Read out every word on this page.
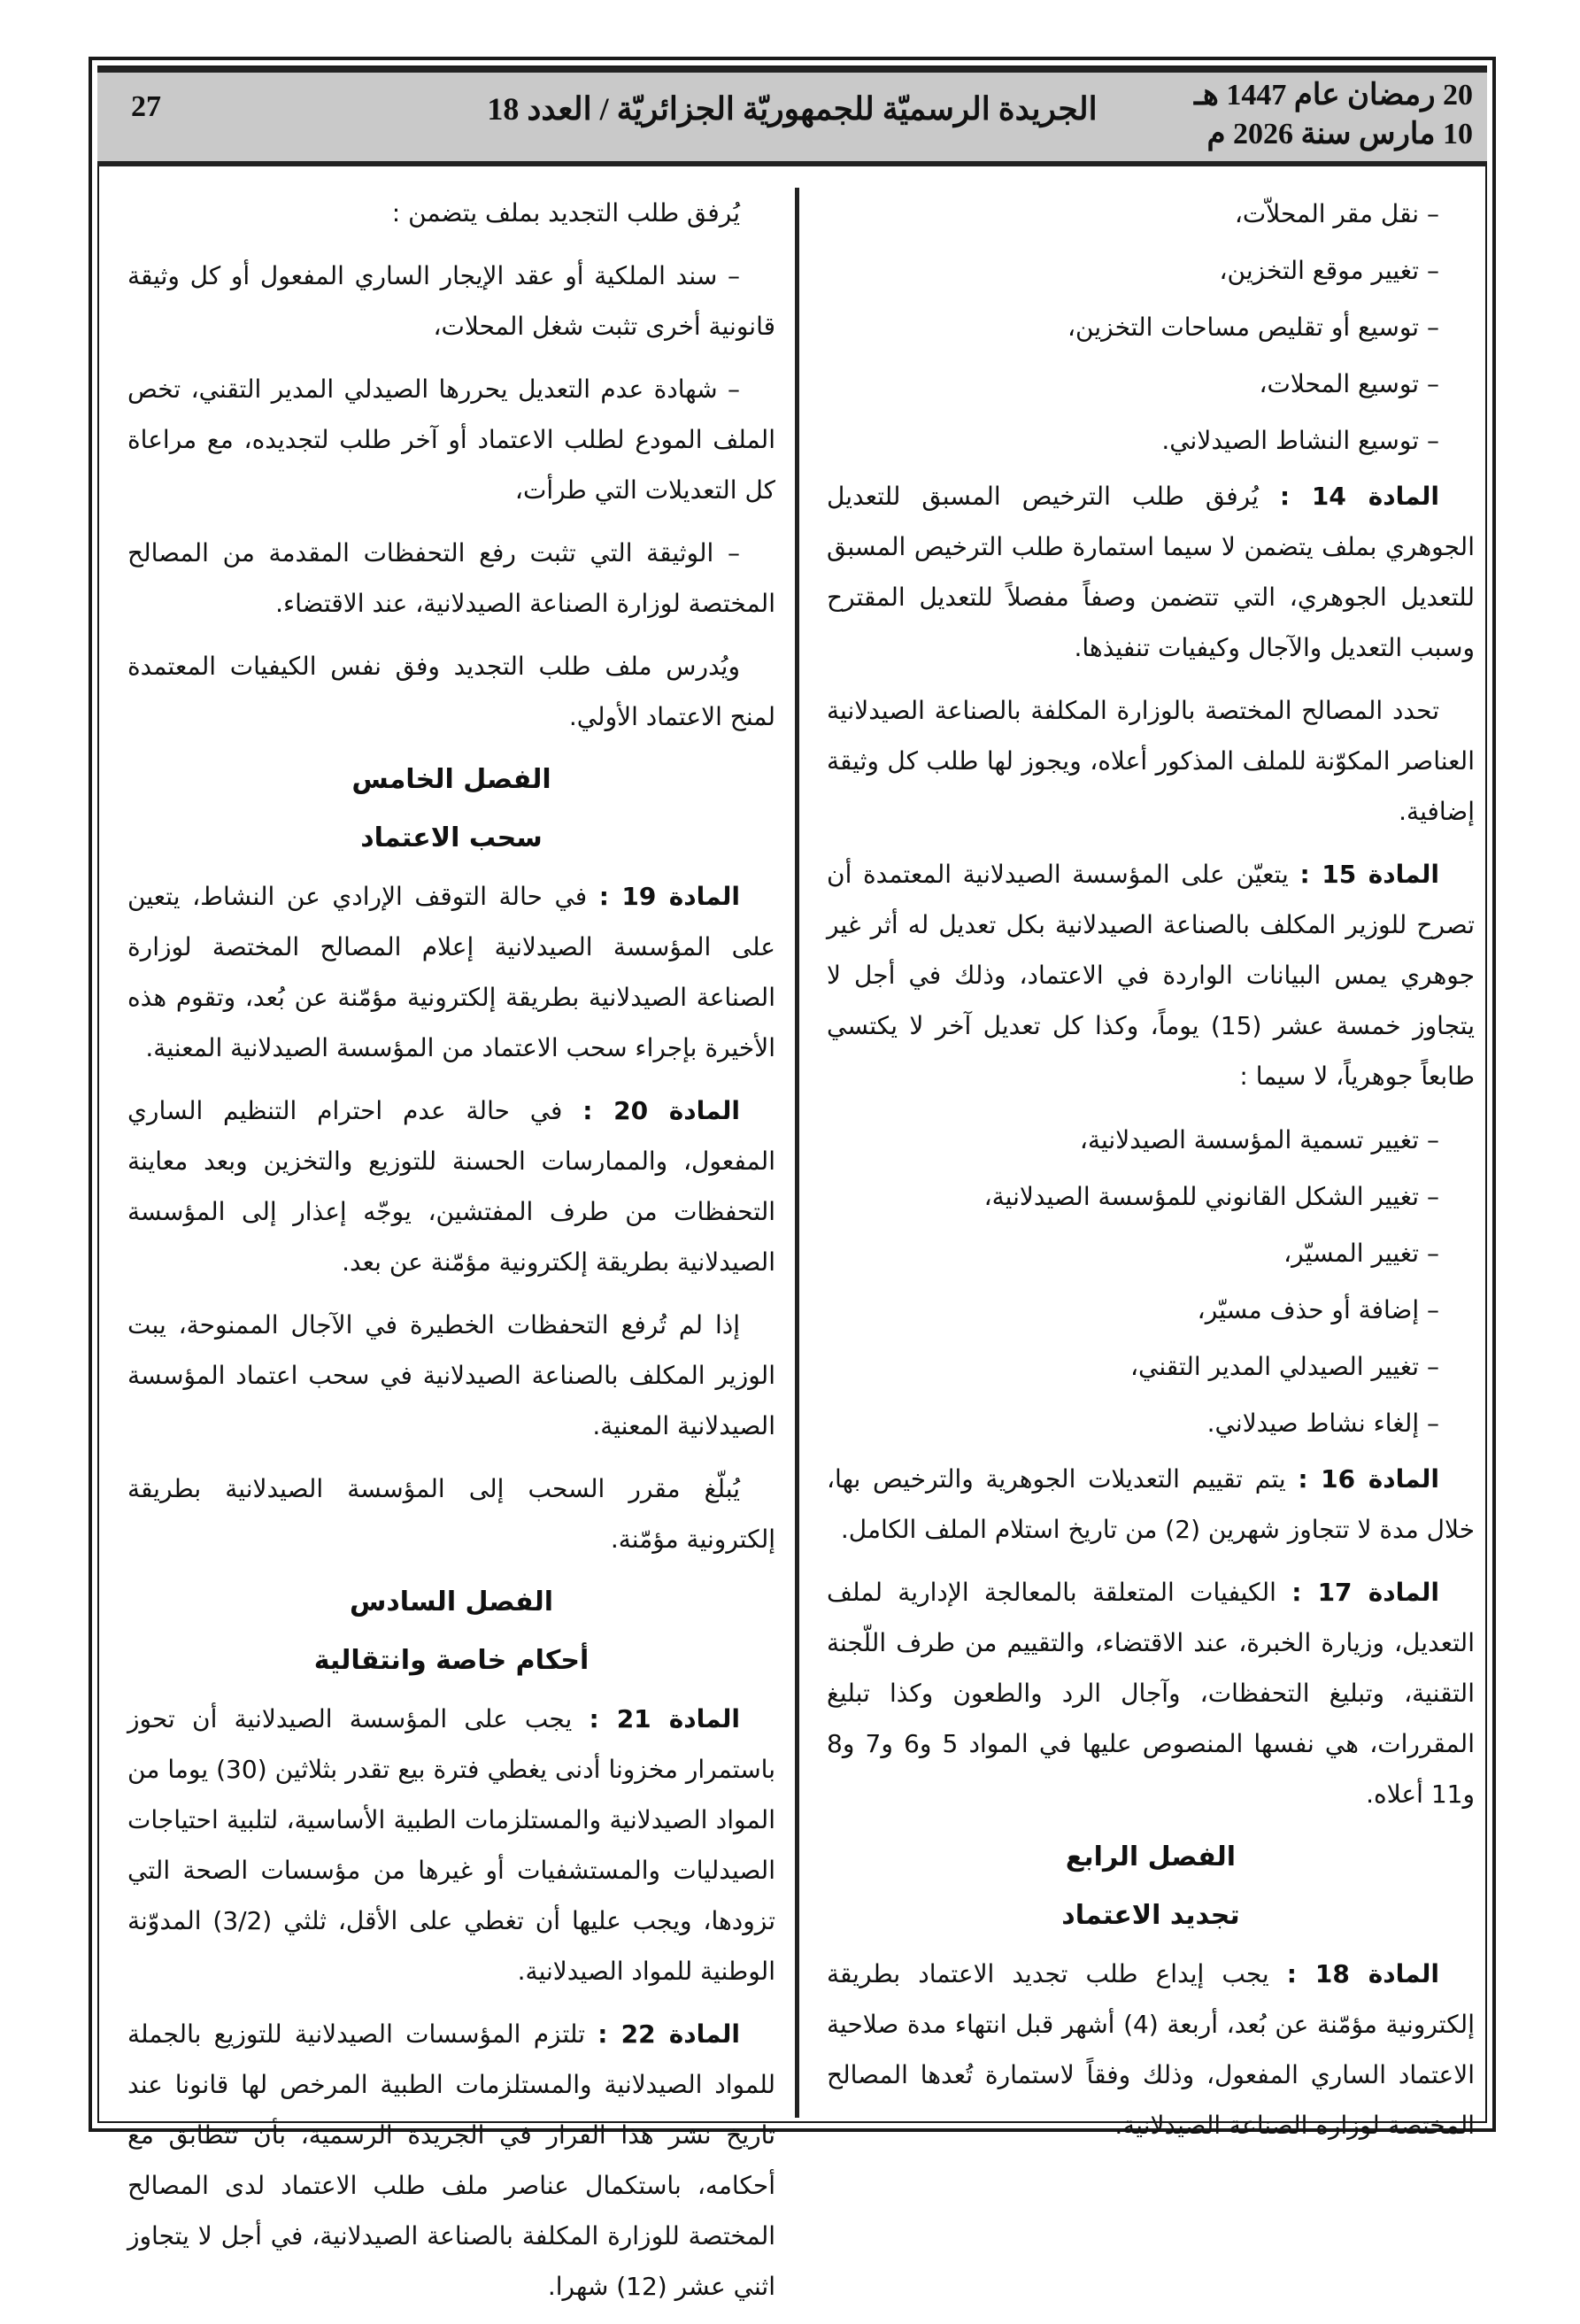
20 رمضان عام 1447 هـ
10 مارس سنة 2026 م
الجريدة الرسميّة للجمهوريّة الجزائريّة / العدد 18
27

– نقل مقر المحلاّت،

– تغيير موقع التخزين،

– توسيع أو تقليص مساحات التخزين،

– توسيع المحلات،

– توسيع النشاط الصيدلاني.

المادة 14 : يُرفق طلب الترخيص المسبق للتعديل الجوهري بملف يتضمن لا سيما استمارة طلب الترخيص المسبق للتعديل الجوهري، التي تتضمن وصفاً مفصلاً للتعديل المقترح وسبب التعديل والآجال وكيفيات تنفيذها.

تحدد المصالح المختصة بالوزارة المكلفة بالصناعة الصيدلانية العناصر المكوّنة للملف المذكور أعلاه، ويجوز لها طلب كل وثيقة إضافية.

المادة 15 : يتعيّن على المؤسسة الصيدلانية المعتمدة أن تصرح للوزير المكلف بالصناعة الصيدلانية بكل تعديل له أثر غير جوهري يمس البيانات الواردة في الاعتماد، وذلك في أجل لا يتجاوز خمسة عشر (15) يوماً، وكذا كل تعديل آخر لا يكتسي طابعاً جوهرياً، لا سيما :

– تغيير تسمية المؤسسة الصيدلانية،

– تغيير الشكل القانوني للمؤسسة الصيدلانية،

– تغيير المسيّر،

– إضافة أو حذف مسيّر،

– تغيير الصيدلي المدير التقني،

– إلغاء نشاط صيدلاني.

المادة 16 : يتم تقييم التعديلات الجوهرية والترخيص بها، خلال مدة لا تتجاوز شهرين (2) من تاريخ استلام الملف الكامل.

المادة 17 : الكيفيات المتعلقة بالمعالجة الإدارية لملف التعديل، وزيارة الخبرة، عند الاقتضاء، والتقييم من طرف اللّجنة التقنية، وتبليغ التحفظات، وآجال الرد والطعون وكذا تبليغ المقررات، هي نفسها المنصوص عليها في المواد 5 و6 و7 و8 و11 أعلاه.

الفصل الرابع
تجديد الاعتماد

المادة 18 : يجب إيداع طلب تجديد الاعتماد بطريقة إلكترونية مؤمّنة عن بُعد، أربعة (4) أشهر قبل انتهاء مدة صلاحية الاعتماد الساري المفعول، وذلك وفقاً لاستمارة تُعدها المصالح المختصة لوزارة الصناعة الصيدلانية.

يُرفق طلب التجديد بملف يتضمن :

– سند الملكية أو عقد الإيجار الساري المفعول أو كل وثيقة قانونية أخرى تثبت شغل المحلات،

– شهادة عدم التعديل يحررها الصيدلي المدير التقني، تخص الملف المودع لطلب الاعتماد أو آخر طلب لتجديده، مع مراعاة كل التعديلات التي طرأت،

– الوثيقة التي تثبت رفع التحفظات المقدمة من المصالح المختصة لوزارة الصناعة الصيدلانية، عند الاقتضاء.

ويُدرس ملف طلب التجديد وفق نفس الكيفيات المعتمدة لمنح الاعتماد الأولي.

الفصل الخامس
سحب الاعتماد

المادة 19 : في حالة التوقف الإرادي عن النشاط، يتعين على المؤسسة الصيدلانية إعلام المصالح المختصة لوزارة الصناعة الصيدلانية بطريقة إلكترونية مؤمّنة عن بُعد، وتقوم هذه الأخيرة بإجراء سحب الاعتماد من المؤسسة الصيدلانية المعنية.

المادة 20 : في حالة عدم احترام التنظيم الساري المفعول، والممارسات الحسنة للتوزيع والتخزين وبعد معاينة التحفظات من طرف المفتشين، يوجّه إعذار إلى المؤسسة الصيدلانية بطريقة إلكترونية مؤمّنة عن بعد.

إذا لم تُرفع التحفظات الخطيرة في الآجال الممنوحة، يبت الوزير المكلف بالصناعة الصيدلانية في سحب اعتماد المؤسسة الصيدلانية المعنية.

يُبلّغ مقرر السحب إلى المؤسسة الصيدلانية بطريقة إلكترونية مؤمّنة.

الفصل السادس
أحكام خاصة وانتقالية

المادة 21 : يجب على المؤسسة الصيدلانية أن تحوز باستمرار مخزونا أدنى يغطي فترة بيع تقدر بثلاثين (30) يوما من المواد الصيدلانية والمستلزمات الطبية الأساسية، لتلبية احتياجات الصيدليات والمستشفيات أو غيرها من مؤسسات الصحة التي تزودها، ويجب عليها أن تغطي على الأقل، ثلثي (3/2) المدوّنة الوطنية للمواد الصيدلانية.

المادة 22 : تلتزم المؤسسات الصيدلانية للتوزيع بالجملة للمواد الصيدلانية والمستلزمات الطبية المرخص لها قانونا عند تاريخ نشر هذا القرار في الجريدة الرسمية، بأن تتطابق مع أحكامه، باستكمال عناصر ملف طلب الاعتماد لدى المصالح المختصة للوزارة المكلفة بالصناعة الصيدلانية، في أجل لا يتجاوز اثني عشر (12) شهرا.
